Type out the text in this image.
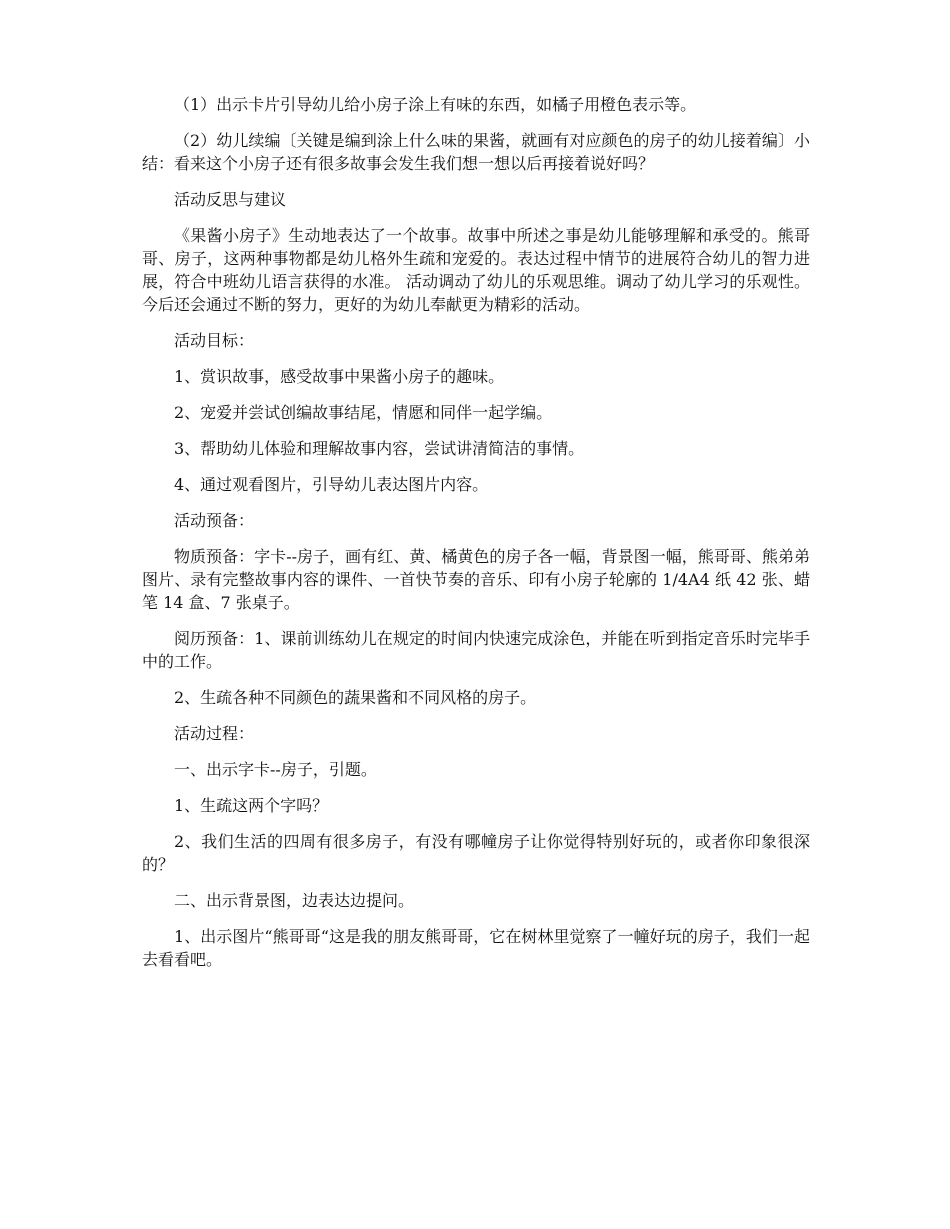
（1）出示卡片引导幼儿给小房子涂上有味的东西，如橘子用橙色表示等。

（2）幼儿续编〔关键是编到涂上什么味的果酱，就画有对应颜色的房子的幼儿接着编〕小结：看来这个小房子还有很多故事会发生我们想一想以后再接着说好吗？

活动反思与建议

《果酱小房子》生动地表达了一个故事。故事中所述之事是幼儿能够理解和承受的。熊哥哥、房子，这两种事物都是幼儿格外生疏和宠爱的。表达过程中情节的进展符合幼儿的智力进展，符合中班幼儿语言获得的水准。 活动调动了幼儿的乐观思维。调动了幼儿学习的乐观性。今后还会通过不断的努力，更好的为幼儿奉献更为精彩的活动。

活动目标：

1、赏识故事，感受故事中果酱小房子的趣味。

2、宠爱并尝试创编故事结尾，情愿和同伴一起学编。

3、帮助幼儿体验和理解故事内容，尝试讲清简洁的事情。

4、通过观看图片，引导幼儿表达图片内容。

活动预备：

物质预备：字卡--房子，画有红、黄、橘黄色的房子各一幅，背景图一幅，熊哥哥、熊弟弟图片、录有完整故事内容的课件、一首快节奏的音乐、印有小房子轮廓的 1/4A4 纸 42 张、蜡笔 14 盒、7 张桌子。

阅历预备：1、课前训练幼儿在规定的时间内快速完成涂色，并能在听到指定音乐时完毕手中的工作。

2、生疏各种不同颜色的蔬果酱和不同风格的房子。

活动过程：

一、出示字卡--房子，引题。

1、生疏这两个字吗？

2、我们生活的四周有很多房子，有没有哪幢房子让你觉得特别好玩的，或者你印象很深的？

二、出示背景图，边表达边提问。

1、出示图片“熊哥哥“这是我的朋友熊哥哥，它在树林里觉察了一幢好玩的房子，我们一起去看看吧。
